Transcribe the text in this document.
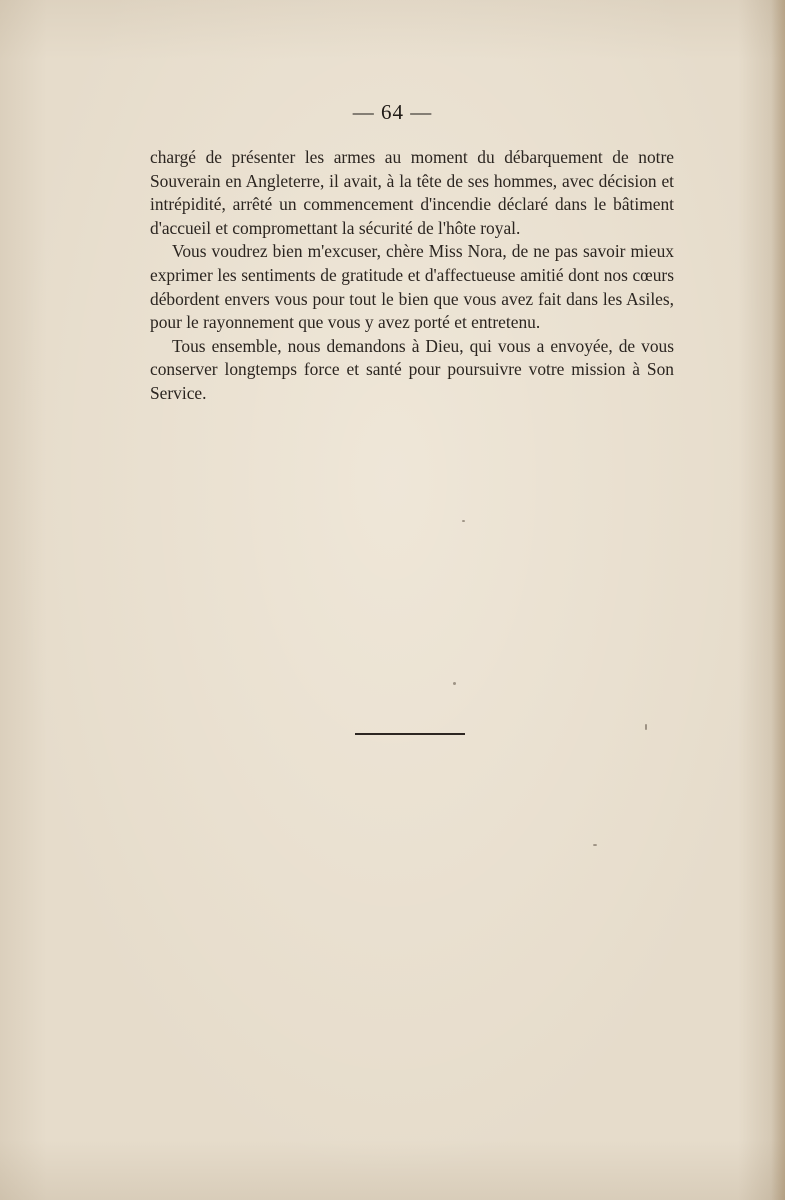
— 64 —

chargé de présenter les armes au moment du débarquement de notre Souverain en Angleterre, il avait, à la tête de ses hommes, avec décision et intrépidité, arrêté un commencement d'incendie déclaré dans le bâtiment d'accueil et compromettant la sécurité de l'hôte royal.

Vous voudrez bien m'excuser, chère Miss Nora, de ne pas savoir mieux exprimer les sentiments de gratitude et d'affectueuse amitié dont nos cœurs débordent envers vous pour tout le bien que vous avez fait dans les Asiles, pour le rayonnement que vous y avez porté et entretenu.

Tous ensemble, nous demandons à Dieu, qui vous a envoyée, de vous conserver longtemps force et santé pour poursuivre votre mission à Son Service.
